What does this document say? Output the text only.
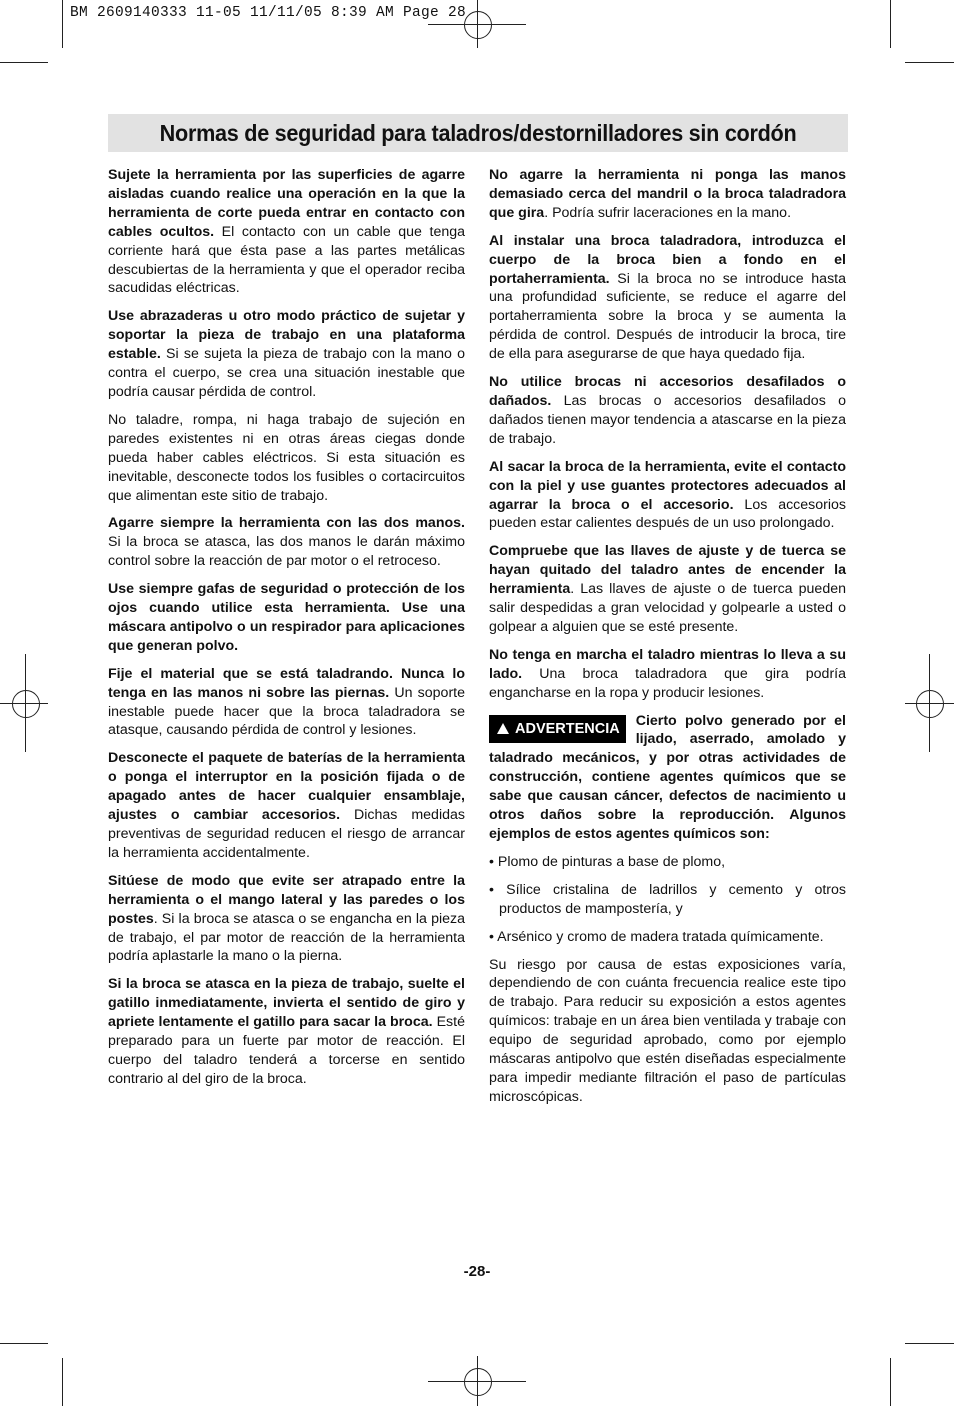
BM 2609140333 11-05 11/11/05 8:39 AM Page 28
Normas de seguridad para taladros/destornilladores sin cordón

Sujete la herramienta por las superficies de agarre aisladas cuando realice una operación en la que la herramienta de corte pueda entrar en contacto con cables ocultos. El contacto con un cable que tenga corriente hará que ésta pase a las partes metálicas descubiertas de la herramienta y que el operador reciba sacudidas eléctricas.

Use abrazaderas u otro modo práctico de sujetar y soportar la pieza de trabajo en una plataforma estable. Si se sujeta la pieza de trabajo con la mano o contra el cuerpo, se crea una situación inestable que podría causar pérdida de control.

No taladre, rompa, ni haga trabajo de sujeción en paredes existentes ni en otras áreas ciegas donde pueda haber cables eléctricos. Si esta situación es inevitable, desconecte todos los fusibles o cortacircuitos que alimentan este sitio de trabajo.

Agarre siempre la herramienta con las dos manos. Si la broca se atasca, las dos manos le darán máximo control sobre la reacción de par motor o el retroceso.

Use siempre gafas de seguridad o protección de los ojos cuando utilice esta herramienta. Use una máscara antipolvo o un respirador para aplicaciones que generan polvo.

Fije el material que se está taladrando. Nunca lo tenga en las manos ni sobre las piernas. Un soporte inestable puede hacer que la broca taladradora se atasque, causando pérdida de control y lesiones.

Desconecte el paquete de baterías de la herramienta o ponga el interruptor en la posición fijada o de apagado antes de hacer cualquier ensamblaje, ajustes o cambiar accesorios. Dichas medidas preventivas de seguridad reducen el riesgo de arrancar la herramienta accidentalmente.

Sitúese de modo que evite ser atrapado entre la herramienta o el mango lateral y las paredes o los postes. Si la broca se atasca o se engancha en la pieza de trabajo, el par motor de reacción de la herramienta podría aplastarle la mano o la pierna.

Si la broca se atasca en la pieza de trabajo, suelte el gatillo inmediatamente, invierta el sentido de giro y apriete lentamente el gatillo para sacar la broca. Esté preparado para un fuerte par motor de reacción. El cuerpo del taladro tenderá a torcerse en sentido contrario al del giro de la broca.

No agarre la herramienta ni ponga las manos demasiado cerca del mandril o la broca taladradora que gira. Podría sufrir laceraciones en la mano.

Al instalar una broca taladradora, introduzca el cuerpo de la broca bien a fondo en el portaherramienta. Si la broca no se introduce hasta una profundidad suficiente, se reduce el agarre del portaherramienta sobre la broca y se aumenta la pérdida de control. Después de introducir la broca, tire de ella para asegurarse de que haya quedado fija.

No utilice brocas ni accesorios desafilados o dañados. Las brocas o accesorios desafilados o dañados tienen mayor tendencia a atascarse en la pieza de trabajo.

Al sacar la broca de la herramienta, evite el contacto con la piel y use guantes protectores adecuados al agarrar la broca o el accesorio. Los accesorios pueden estar calientes después de un uso prolongado.

Compruebe que las llaves de ajuste y de tuerca se hayan quitado del taladro antes de encender la herramienta. Las llaves de ajuste o de tuerca pueden salir despedidas a gran velocidad y golpearle a usted o golpear a alguien que se esté presente.

No tenga en marcha el taladro mientras lo lleva a su lado. Una broca taladradora que gira podría engancharse en la ropa y producir lesiones.

ADVERTENCIA Cierto polvo generado por el lijado, aserrado, amolado y taladrado mecánicos, y por otras actividades de construcción, contiene agentes químicos que se sabe que causan cáncer, defectos de nacimiento u otros daños sobre la reproducción. Algunos ejemplos de estos agentes químicos son:

• Plomo de pinturas a base de plomo,

• Sílice cristalina de ladrillos y cemento y otros productos de mampostería, y

• Arsénico y cromo de madera tratada químicamente.

Su riesgo por causa de estas exposiciones varía, dependiendo de con cuánta frecuencia realice este tipo de trabajo. Para reducir su exposición a estos agentes químicos: trabaje en un área bien ventilada y trabaje con equipo de seguridad aprobado, como por ejemplo máscaras antipolvo que estén diseñadas especialmente para impedir mediante filtración el paso de partículas microscópicas.

-28-
